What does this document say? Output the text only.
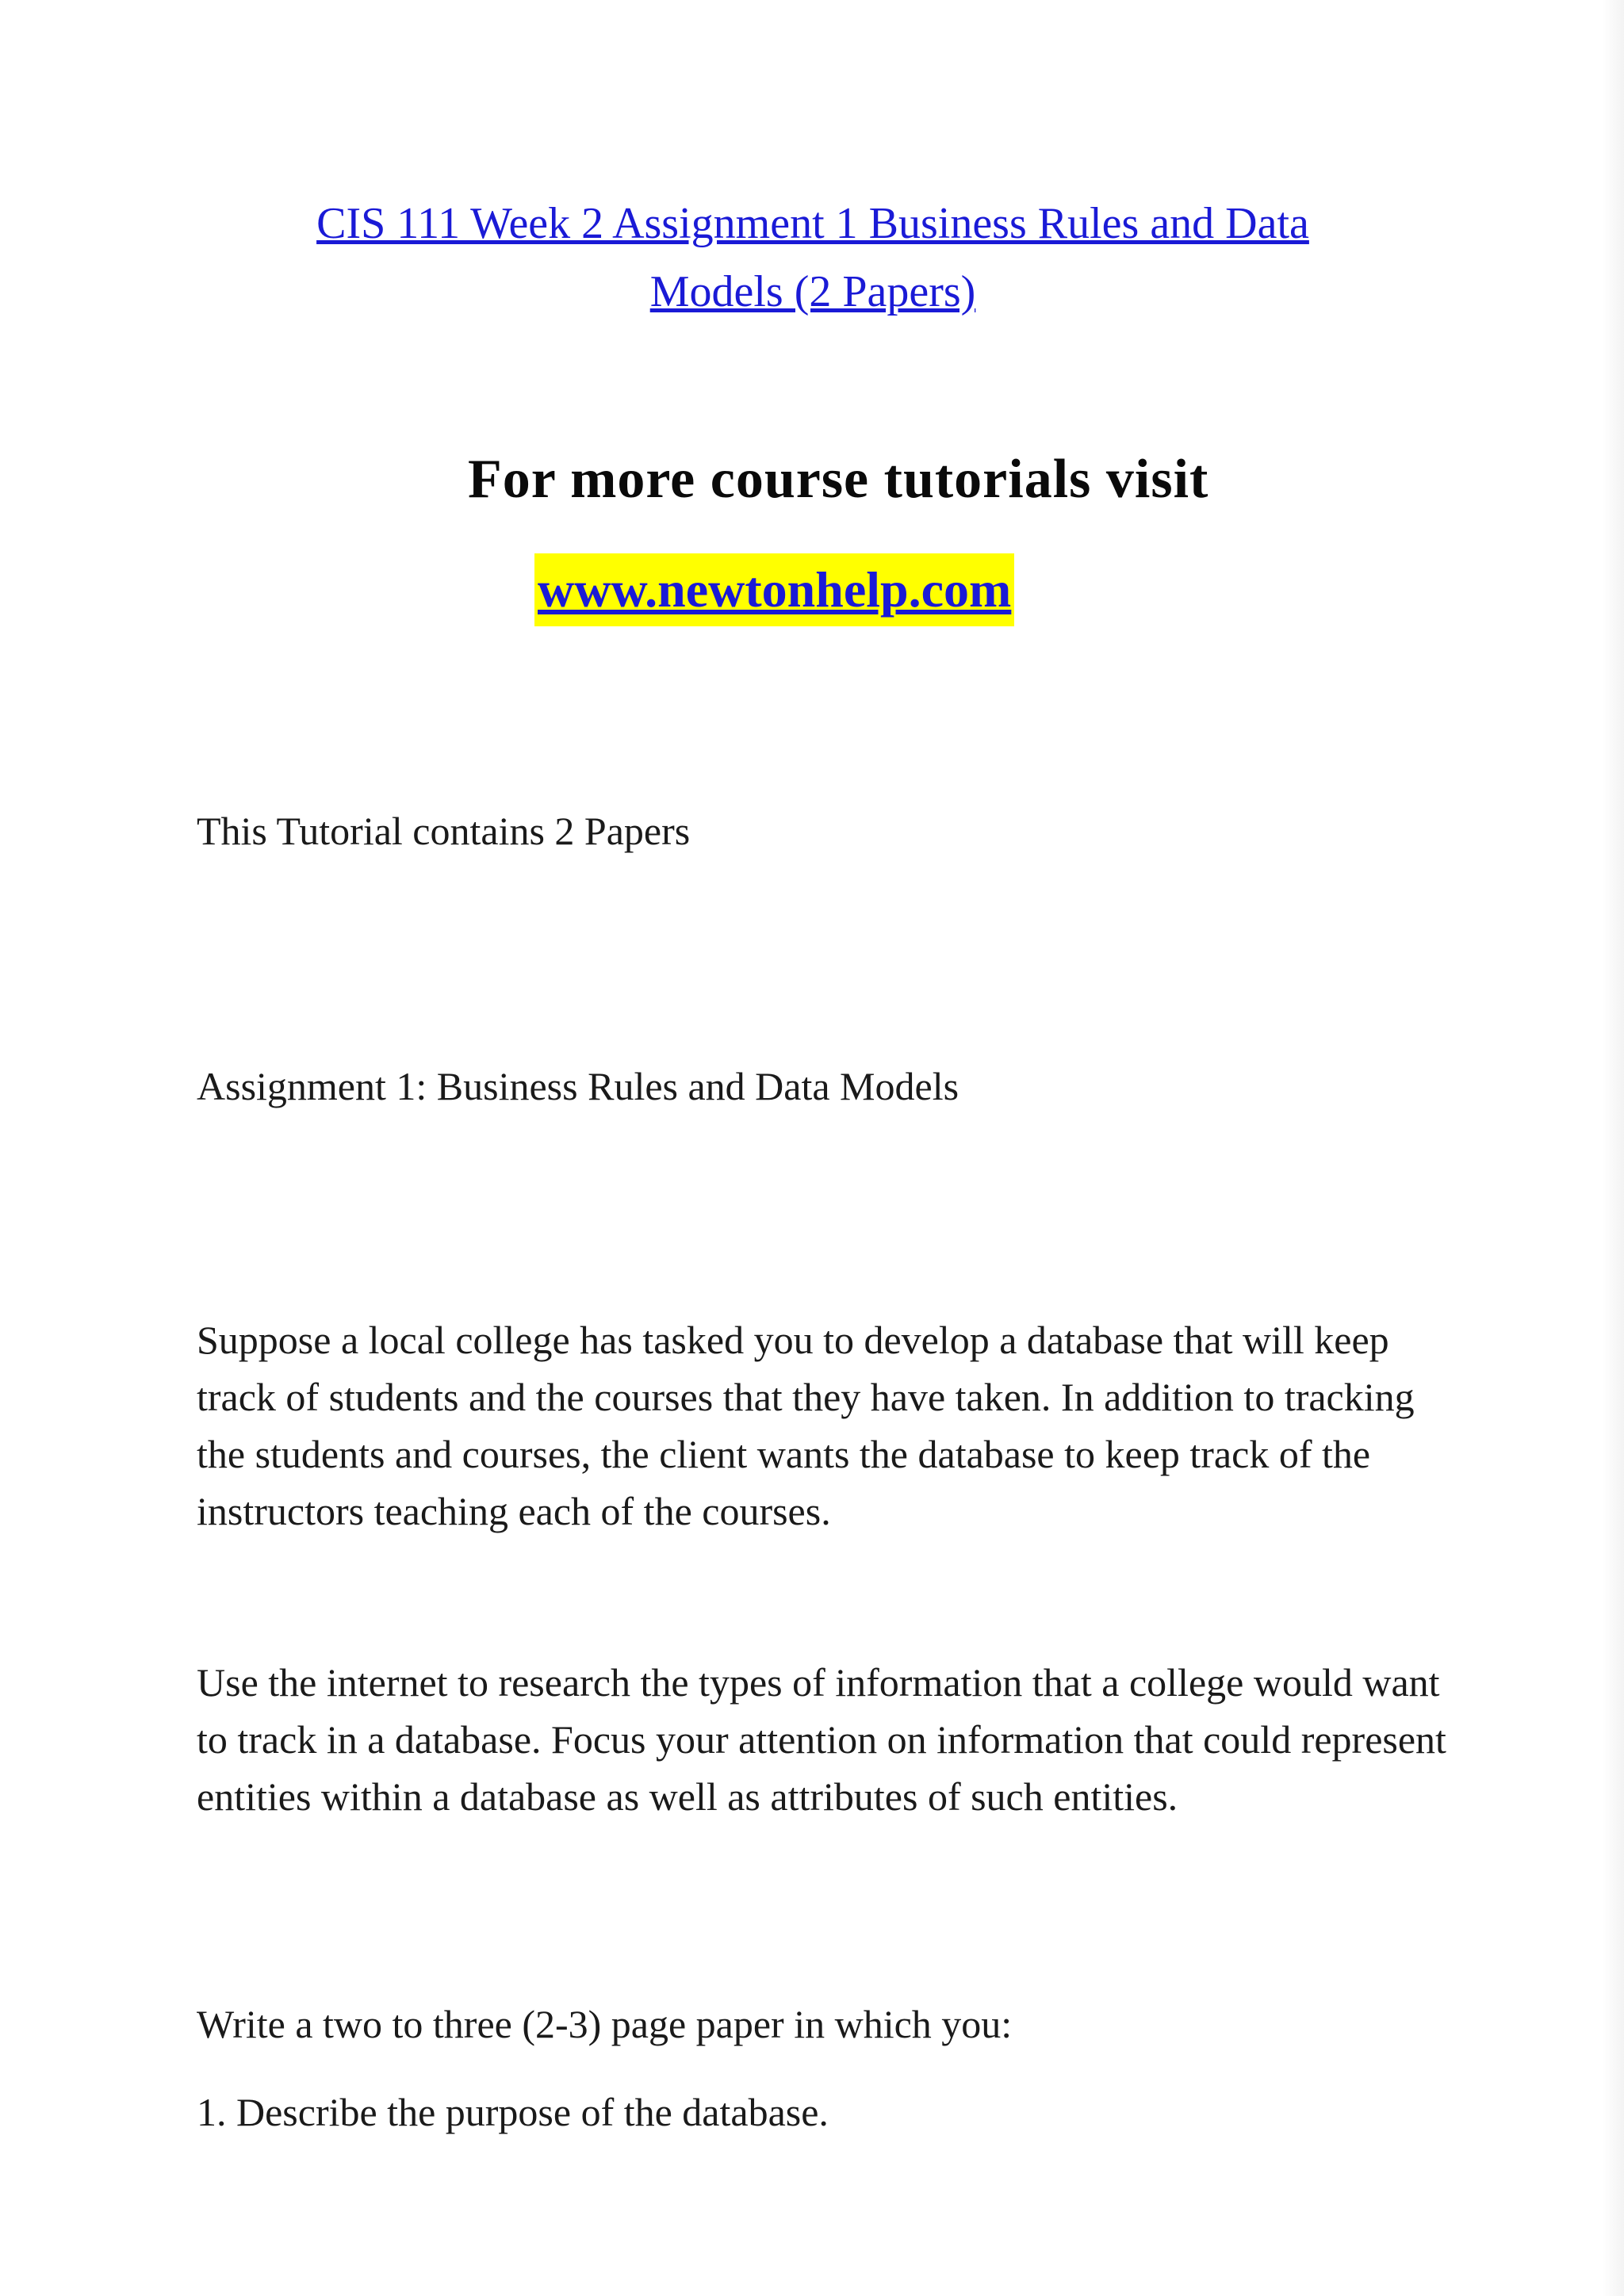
CIS 111 Week 2 Assignment 1 Business Rules and Data
Models (2 Papers)
For more course tutorials visit
www.newtonhelp.com

This Tutorial contains 2 Papers

Assignment 1: Business Rules and Data Models

Suppose a local college has tasked you to develop a database that will keep track of students and the courses that they have taken. In addition to tracking the students and courses, the client wants the database to keep track of the instructors teaching each of the courses.

Use the internet to research the types of information that a college would want to track in a database. Focus your attention on information that could represent entities within a database as well as attributes of such entities.

Write a two to three (2-3) page paper in which you:

1. Describe the purpose of the database.
